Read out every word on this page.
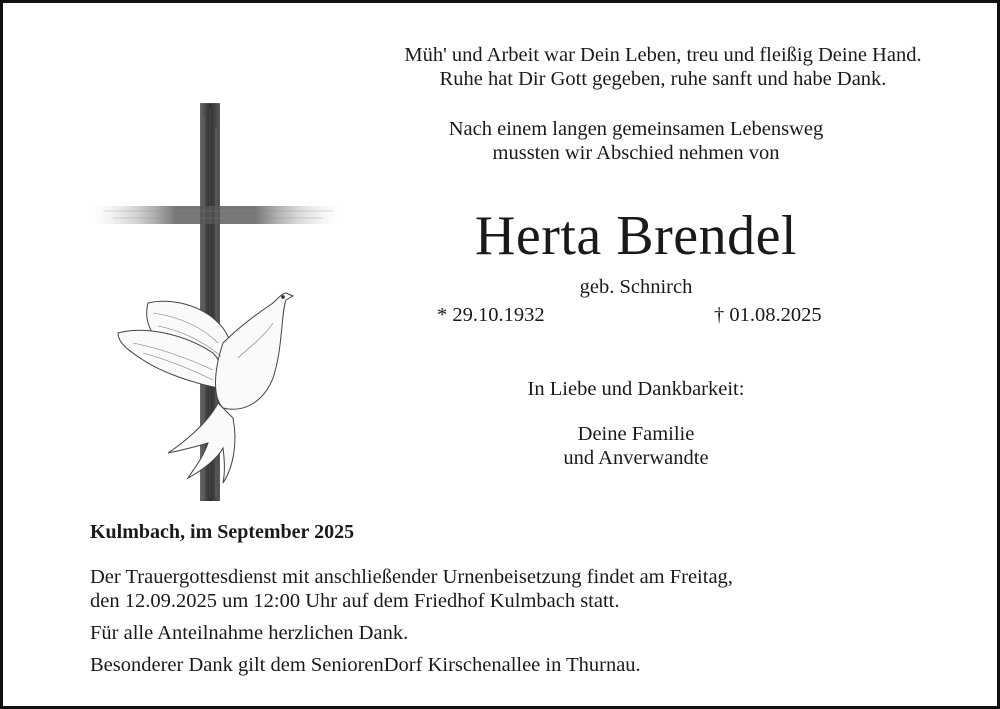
Müh' und Arbeit war Dein Leben, treu und fleißig Deine Hand.
Ruhe hat Dir Gott gegeben, ruhe sanft und habe Dank.
Nach einem langen gemeinsamen Lebensweg
mussten wir Abschied nehmen von
Herta Brendel
geb. Schnirch
* 29.10.1932	† 01.08.2025
In Liebe und Dankbarkeit:
Deine Familie
und Anverwandte
Kulmbach, im September 2025

Der Trauergottesdienst mit anschließender Urnenbeisetzung findet am Freitag,
den 12.09.2025 um 12:00 Uhr auf dem Friedhof Kulmbach statt.

Für alle Anteilnahme herzlichen Dank.

Besonderer Dank gilt dem SeniorenDorf Kirschenallee in Thurnau.
